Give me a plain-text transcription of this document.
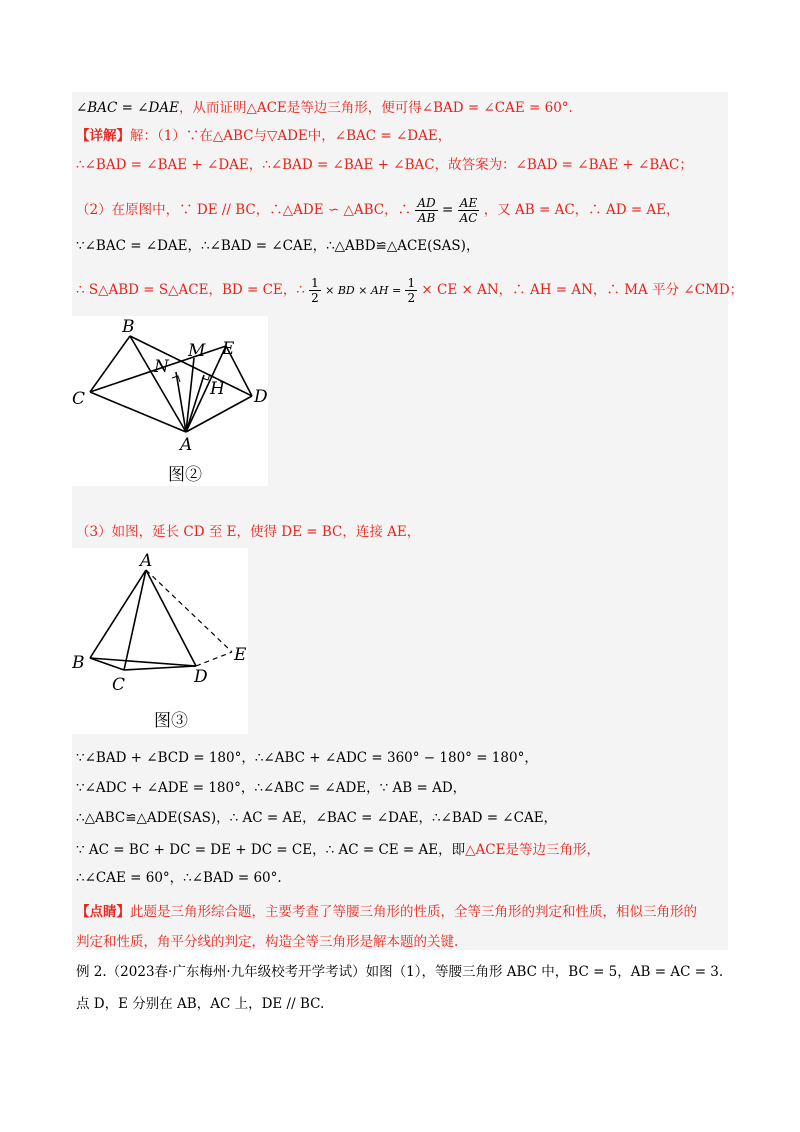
∠BAC = ∠DAE，从而证明△ACE是等边三角形，便可得∠BAD = ∠CAE = 60°.
【详解】解：（1）∵在△ABC与▽ADE中，∠BAC = ∠DAE，
∴∠BAD = ∠BAE + ∠DAE，∴∠BAD = ∠BAE + ∠BAC，故答案为：∠BAD = ∠BAE + ∠BAC；
（2）在原图中，∵ DE // BC，∴△ADE ∽ △ABC，∴ $\frac{AD}{AB} = \frac{AE}{AC}$ ，又 AB = AC，∴ AD = AE，
∵∠BAC = ∠DAE，∴∠BAD = ∠CAE，∴△ABD≌△ACE(SAS)，
∴ S△ABD = S△ACE，BD = CE，∴ $\frac{1}{2}$ × BD × AH = $\frac{1}{2}$ × CE × AN，∴ AH = AN，∴ MA 平分 ∠CMD；
B
M E
N
C	H D
A
图②
（3）如图，延长 CD 至 E，使得 DE = BC，连接 AE，
A
B
C	D
E
图③
∵∠BAD + ∠BCD = 180°，∴∠ABC + ∠ADC = 360° − 180° = 180°，
∵∠ADC + ∠ADE = 180°，∴∠ABC = ∠ADE，∵ AB = AD，
∴△ABC≌△ADE(SAS)，∴ AC = AE，∠BAC = ∠DAE，∴∠BAD = ∠CAE，
∵ AC = BC + DC = DE + DC = CE，∴ AC = CE = AE，即△ACE是等边三角形，
∴∠CAE = 60°，∴∠BAD = 60°.
【点睛】此题是三角形综合题，主要考查了等腰三角形的性质，全等三角形的判定和性质，相似三角形的
判定和性质，角平分线的判定，构造全等三角形是解本题的关键.
例 2.（2023春·广东梅州·九年级校考开学考试）如图（1），等腰三角形 ABC 中，BC = 5，AB = AC = 3.
点 D，E 分别在 AB，AC 上，DE // BC.
